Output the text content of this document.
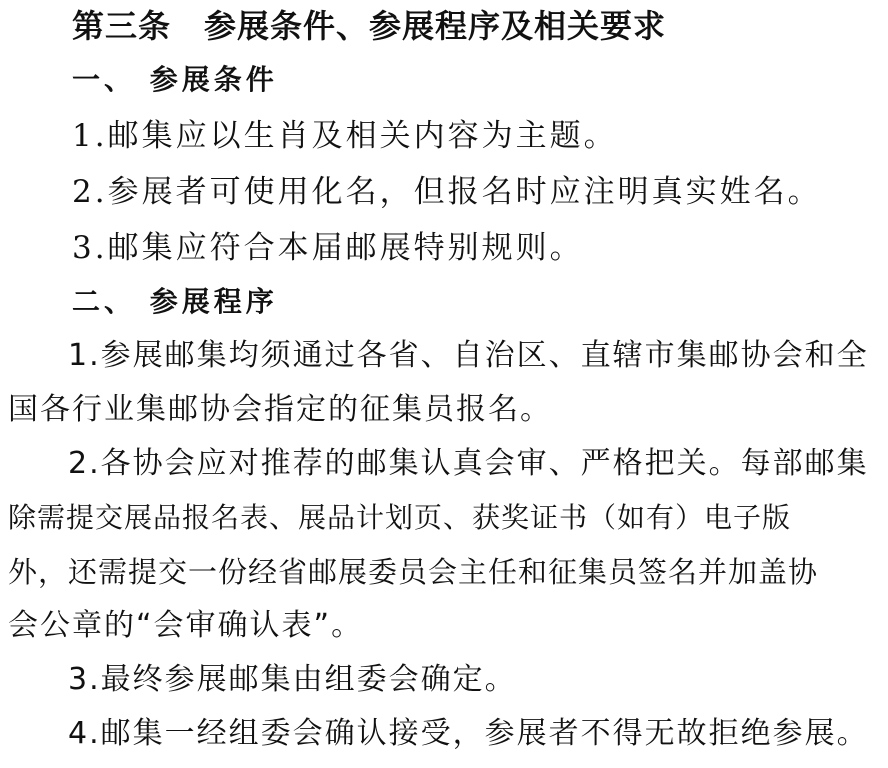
第三条　参展条件、参展程序及相关要求
一、 参展条件
1.邮集应以生肖及相关内容为主题。
2.参展者可使用化名，但报名时应注明真实姓名。
3.邮集应符合本届邮展特别规则。
二、 参展程序
1.参展邮集均须通过各省、自治区、直辖市集邮协会和全
国各行业集邮协会指定的征集员报名。
2.各协会应对推荐的邮集认真会审、严格把关。每部邮集
除需提交展品报名表、展品计划页、获奖证书（如有）电子版
外，还需提交一份经省邮展委员会主任和征集员签名并加盖协
会公章的“会审确认表”。
3.最终参展邮集由组委会确定。
4.邮集一经组委会确认接受，参展者不得无故拒绝参展。
